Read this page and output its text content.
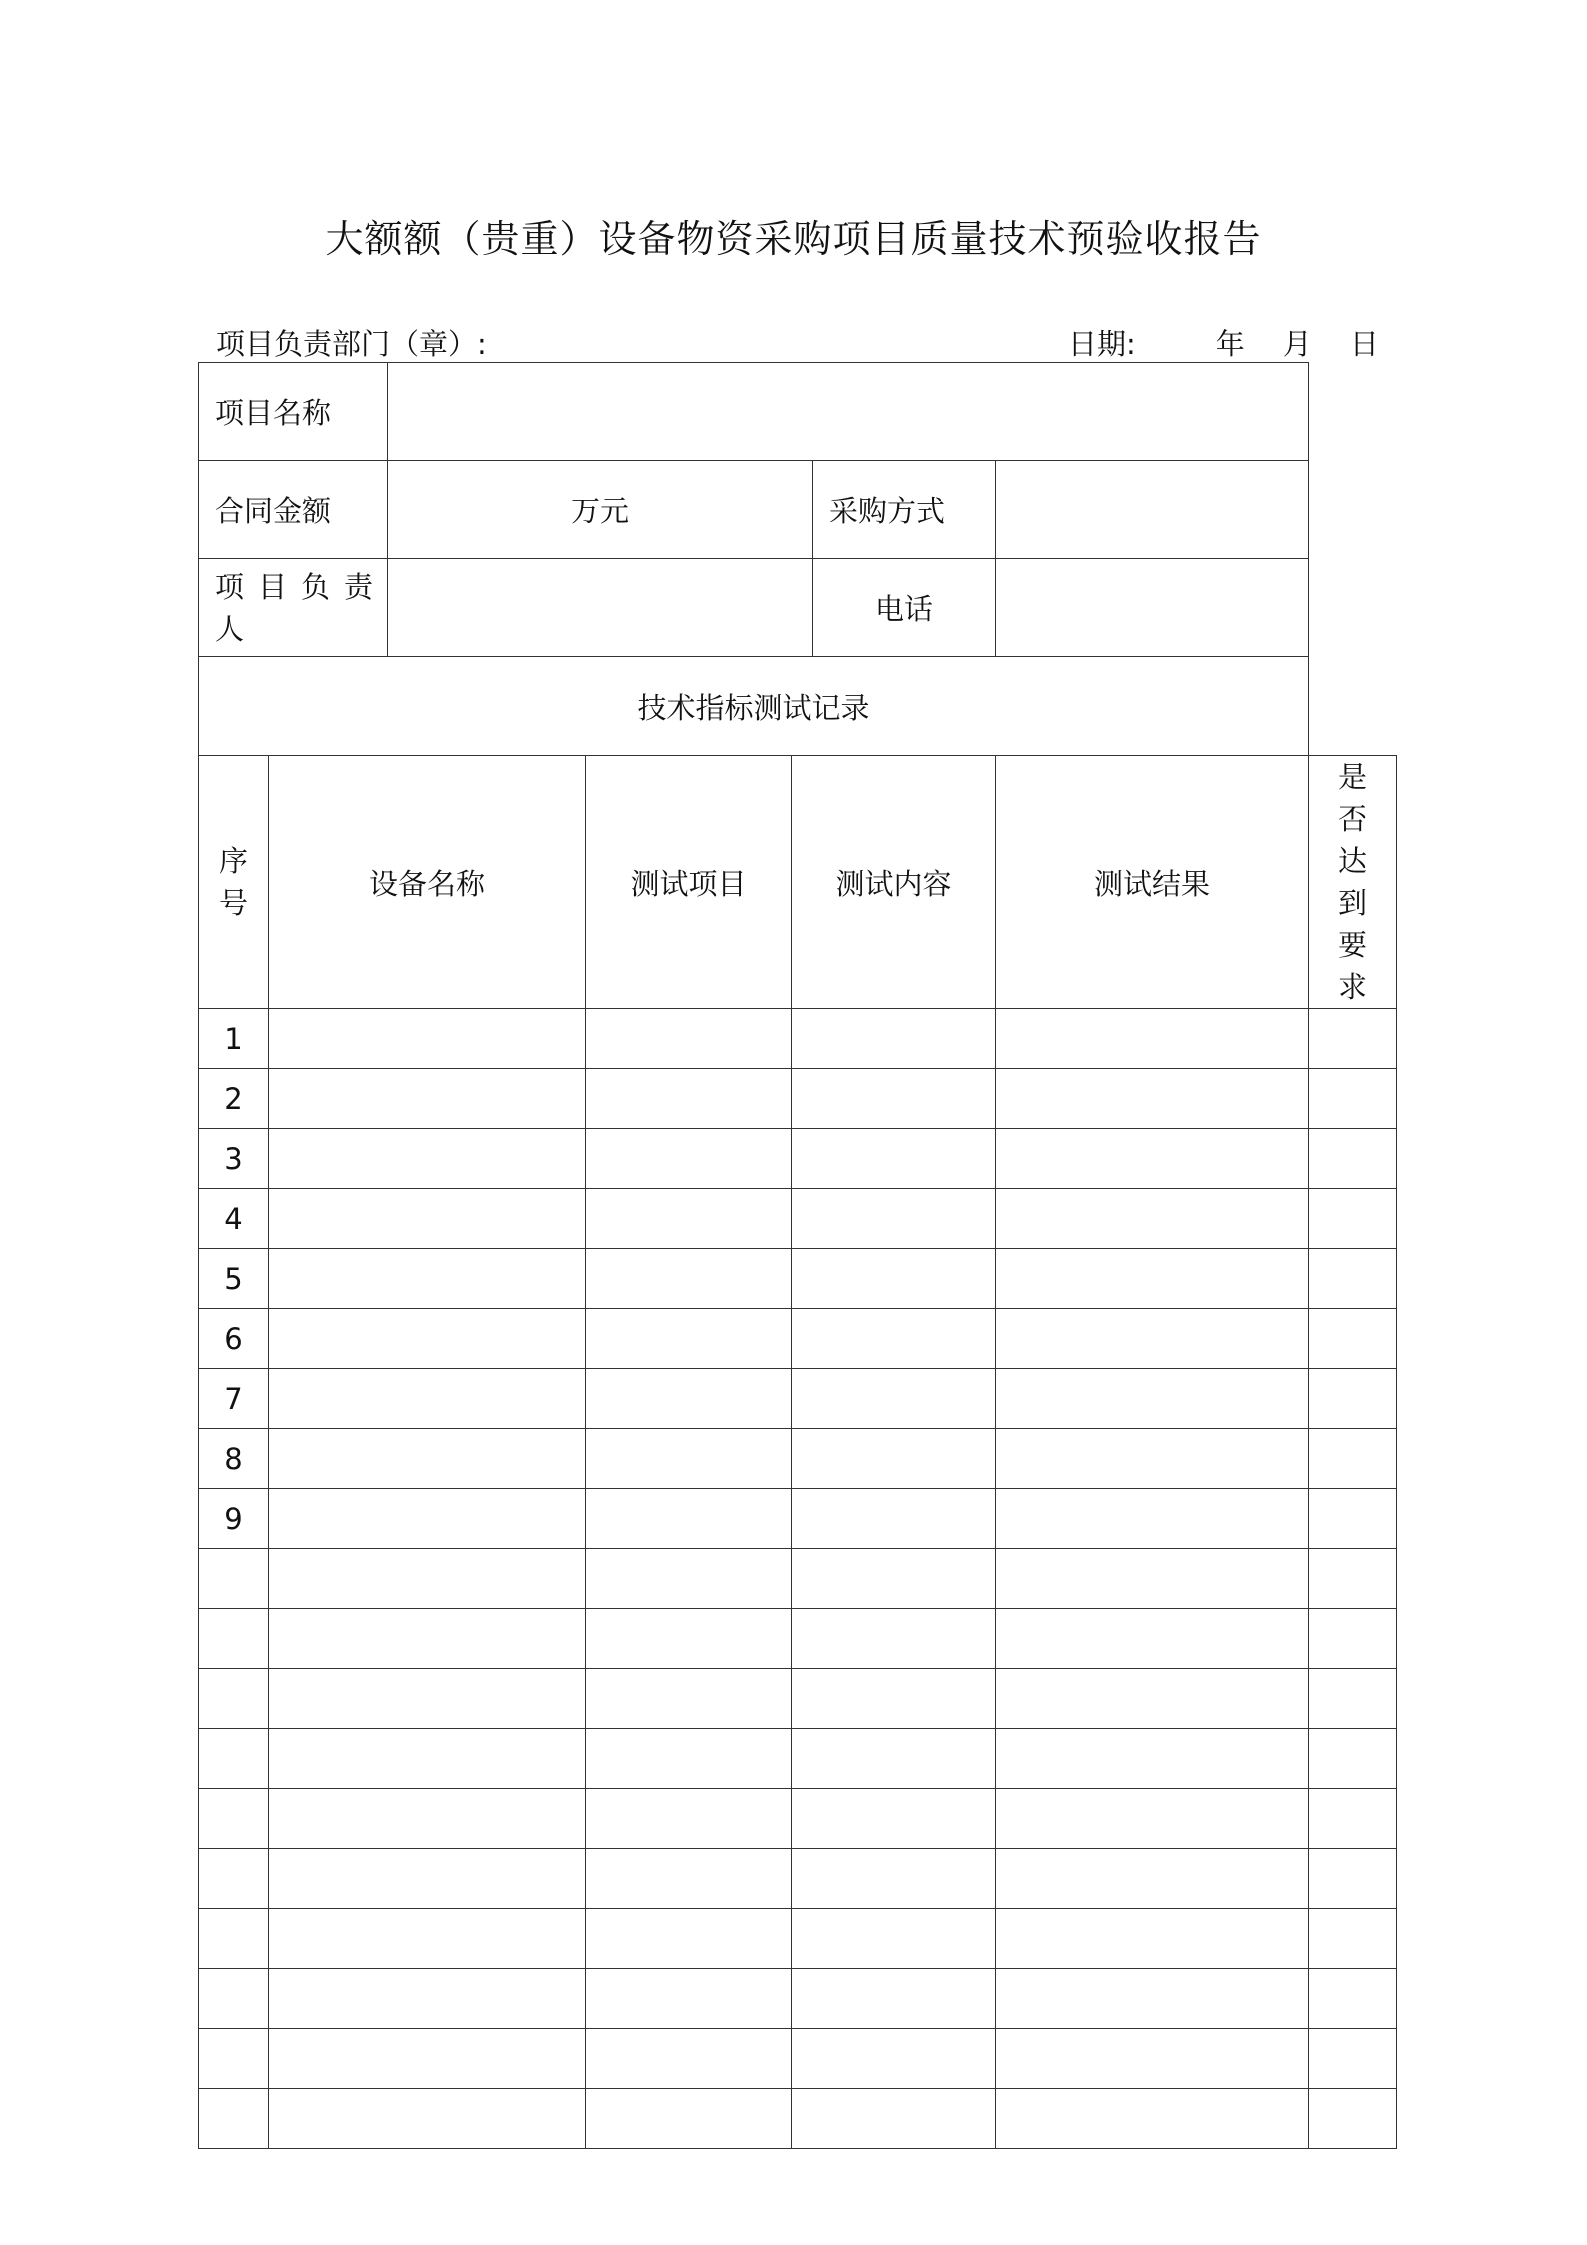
大额额（贵重）设备物资采购项目质量技术预验收报告
项目负责部门（章）:	日期:	年 月 日
项目名称							
合同金额		万元			采购方式		
项 目 负 责 人					电话		
技术指标测试记录							
序号	设备名称		测试项目	测试内容		测试结果	是否达到要求
1							
2							
3							
4							
5							
6							
7							
8							
9							
